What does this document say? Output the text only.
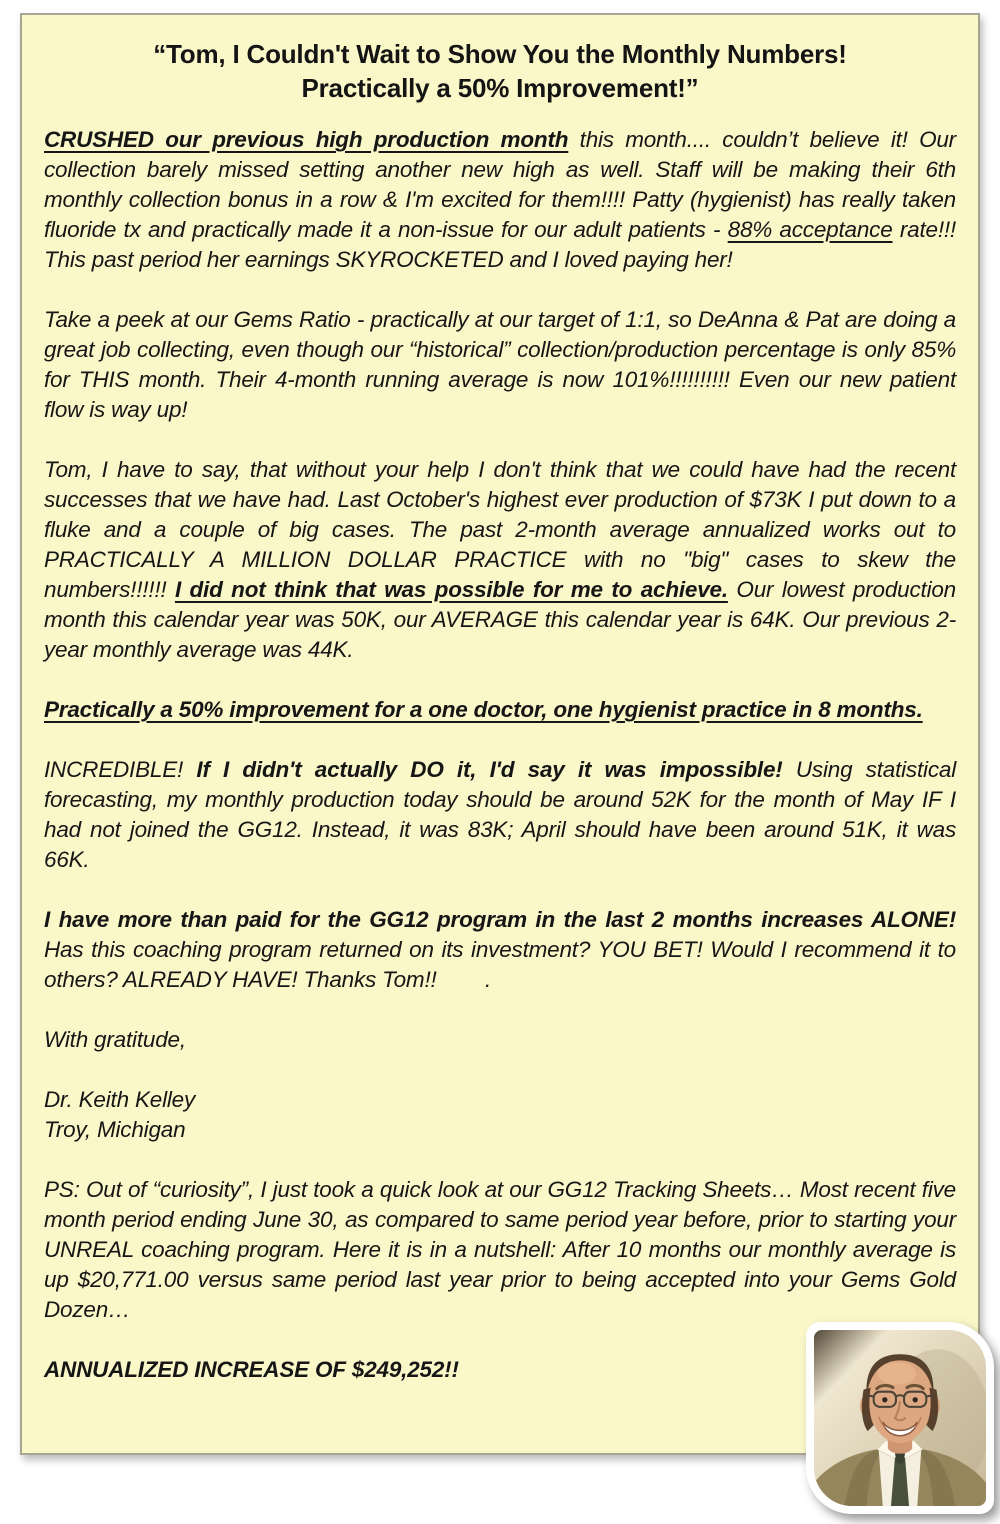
“Tom, I Couldn't Wait to Show You the Monthly Numbers!
Practically a 50% Improvement!”

CRUSHED our previous high production month this month.... couldn’t believe it! Our collection barely missed setting another new high as well. Staff will be making their 6th monthly collection bonus in a row & I'm excited for them!!!! Patty (hygienist) has really taken fluoride tx and practically made it a non-issue for our adult patients - 88% acceptance rate!!! This past period her earnings SKYROCKETED and I loved paying her!

Take a peek at our Gems Ratio - practically at our target of 1:1, so DeAnna & Pat are doing a great job collecting, even though our “historical” collection/production percentage is only 85% for THIS month. Their 4-month running average is now 101%!!!!!!!!!! Even our new patient flow is way up!

Tom, I have to say, that without your help I don't think that we could have had the recent successes that we have had. Last October's highest ever production of $73K I put down to a fluke and a couple of big cases. The past 2-month average annualized works out to PRACTICALLY A MILLION DOLLAR PRACTICE with no "big" cases to skew the numbers!!!!!! I did not think that was possible for me to achieve. Our lowest production month this calendar year was 50K, our AVERAGE this calendar year is 64K. Our previous 2-year monthly average was 44K.

Practically a 50% improvement for a one doctor, one hygienist practice in 8 months.

INCREDIBLE! If I didn't actually DO it, I'd say it was impossible! Using statistical forecasting, my monthly production today should be around 52K for the month of May IF I had not joined the GG12. Instead, it was 83K; April should have been around 51K, it was 66K.

I have more than paid for the GG12 program in the last 2 months increases ALONE! Has this coaching program returned on its investment? YOU BET! Would I recommend it to others? ALREADY HAVE! Thanks Tom!!        .

With gratitude,

Dr. Keith Kelley

Troy, Michigan

PS: Out of “curiosity”, I just took a quick look at our GG12 Tracking Sheets… Most recent five month period ending June 30, as compared to same period year before, prior to starting your UNREAL coaching program. Here it is in a nutshell: After 10 months our monthly average is up $20,771.00 versus same period last year prior to being accepted into your Gems Gold Dozen…

ANNUALIZED INCREASE OF $249,252!!
